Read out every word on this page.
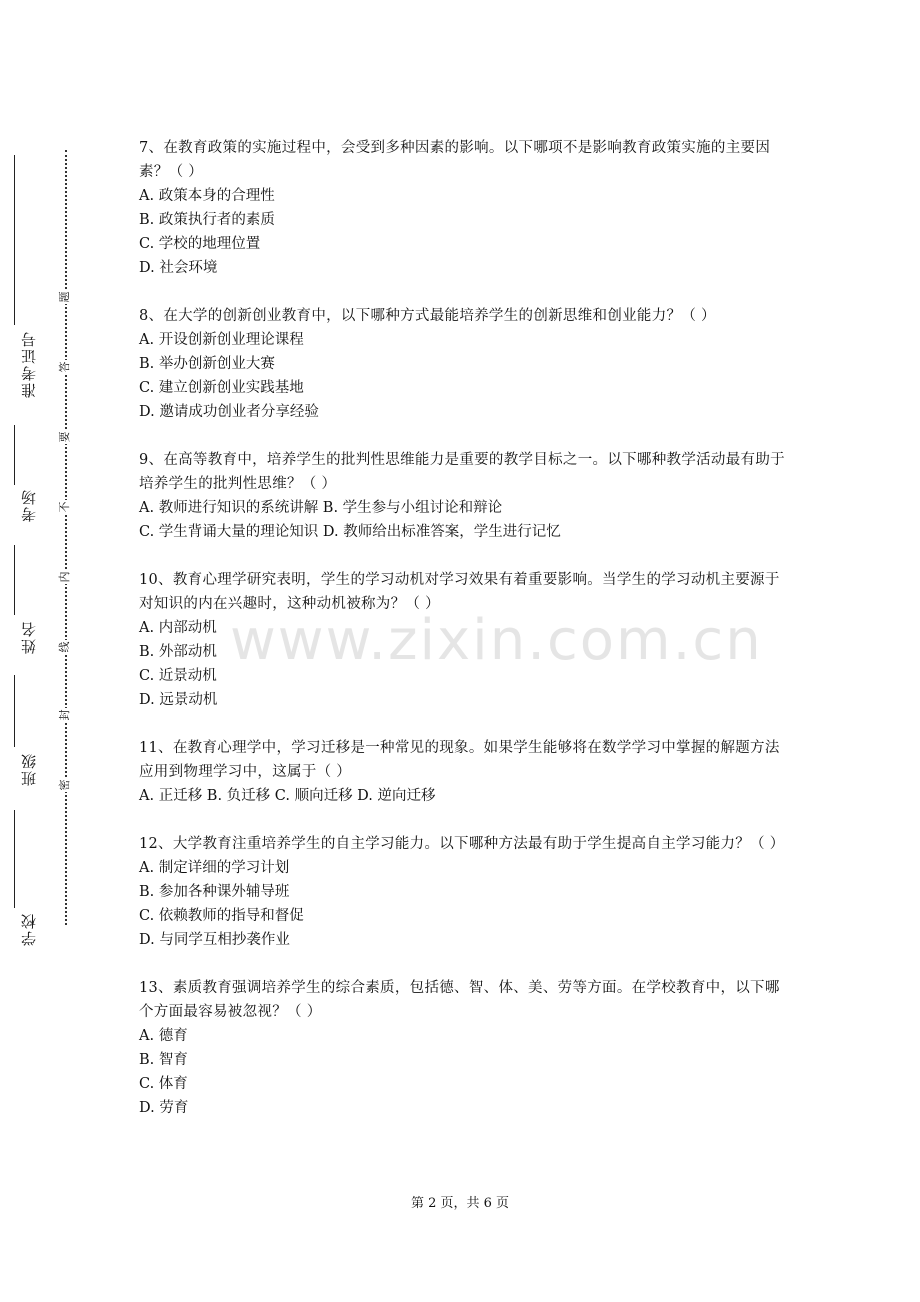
准考证号
考场
姓名
班级
学校
题
答
要
不
内
线
封
密
www.zixin.com.cn
7、在教育政策的实施过程中，会受到多种因素的影响。以下哪项不是影响教育政策实施的主要因素？（ ）
A. 政策本身的合理性
B. 政策执行者的素质
C. 学校的地理位置
D. 社会环境
8、在大学的创新创业教育中，以下哪种方式最能培养学生的创新思维和创业能力？（ ）
A. 开设创新创业理论课程
B. 举办创新创业大赛
C. 建立创新创业实践基地
D. 邀请成功创业者分享经验
9、在高等教育中，培养学生的批判性思维能力是重要的教学目标之一。以下哪种教学活动最有助于培养学生的批判性思维？（ ）
A. 教师进行知识的系统讲解 B. 学生参与小组讨论和辩论
C. 学生背诵大量的理论知识 D. 教师给出标准答案，学生进行记忆
10、教育心理学研究表明，学生的学习动机对学习效果有着重要影响。当学生的学习动机主要源于对知识的内在兴趣时，这种动机被称为？（ ）
A. 内部动机
B. 外部动机
C. 近景动机
D. 远景动机
11、在教育心理学中，学习迁移是一种常见的现象。如果学生能够将在数学学习中掌握的解题方法应用到物理学习中，这属于（ ）
A. 正迁移 B. 负迁移 C. 顺向迁移 D. 逆向迁移
12、大学教育注重培养学生的自主学习能力。以下哪种方法最有助于学生提高自主学习能力？（ ）
A. 制定详细的学习计划
B. 参加各种课外辅导班
C. 依赖教师的指导和督促
D. 与同学互相抄袭作业
13、素质教育强调培养学生的综合素质，包括德、智、体、美、劳等方面。在学校教育中，以下哪个方面最容易被忽视？（ ）
A. 德育
B. 智育
C. 体育
D. 劳育
第 2 页，共 6 页
